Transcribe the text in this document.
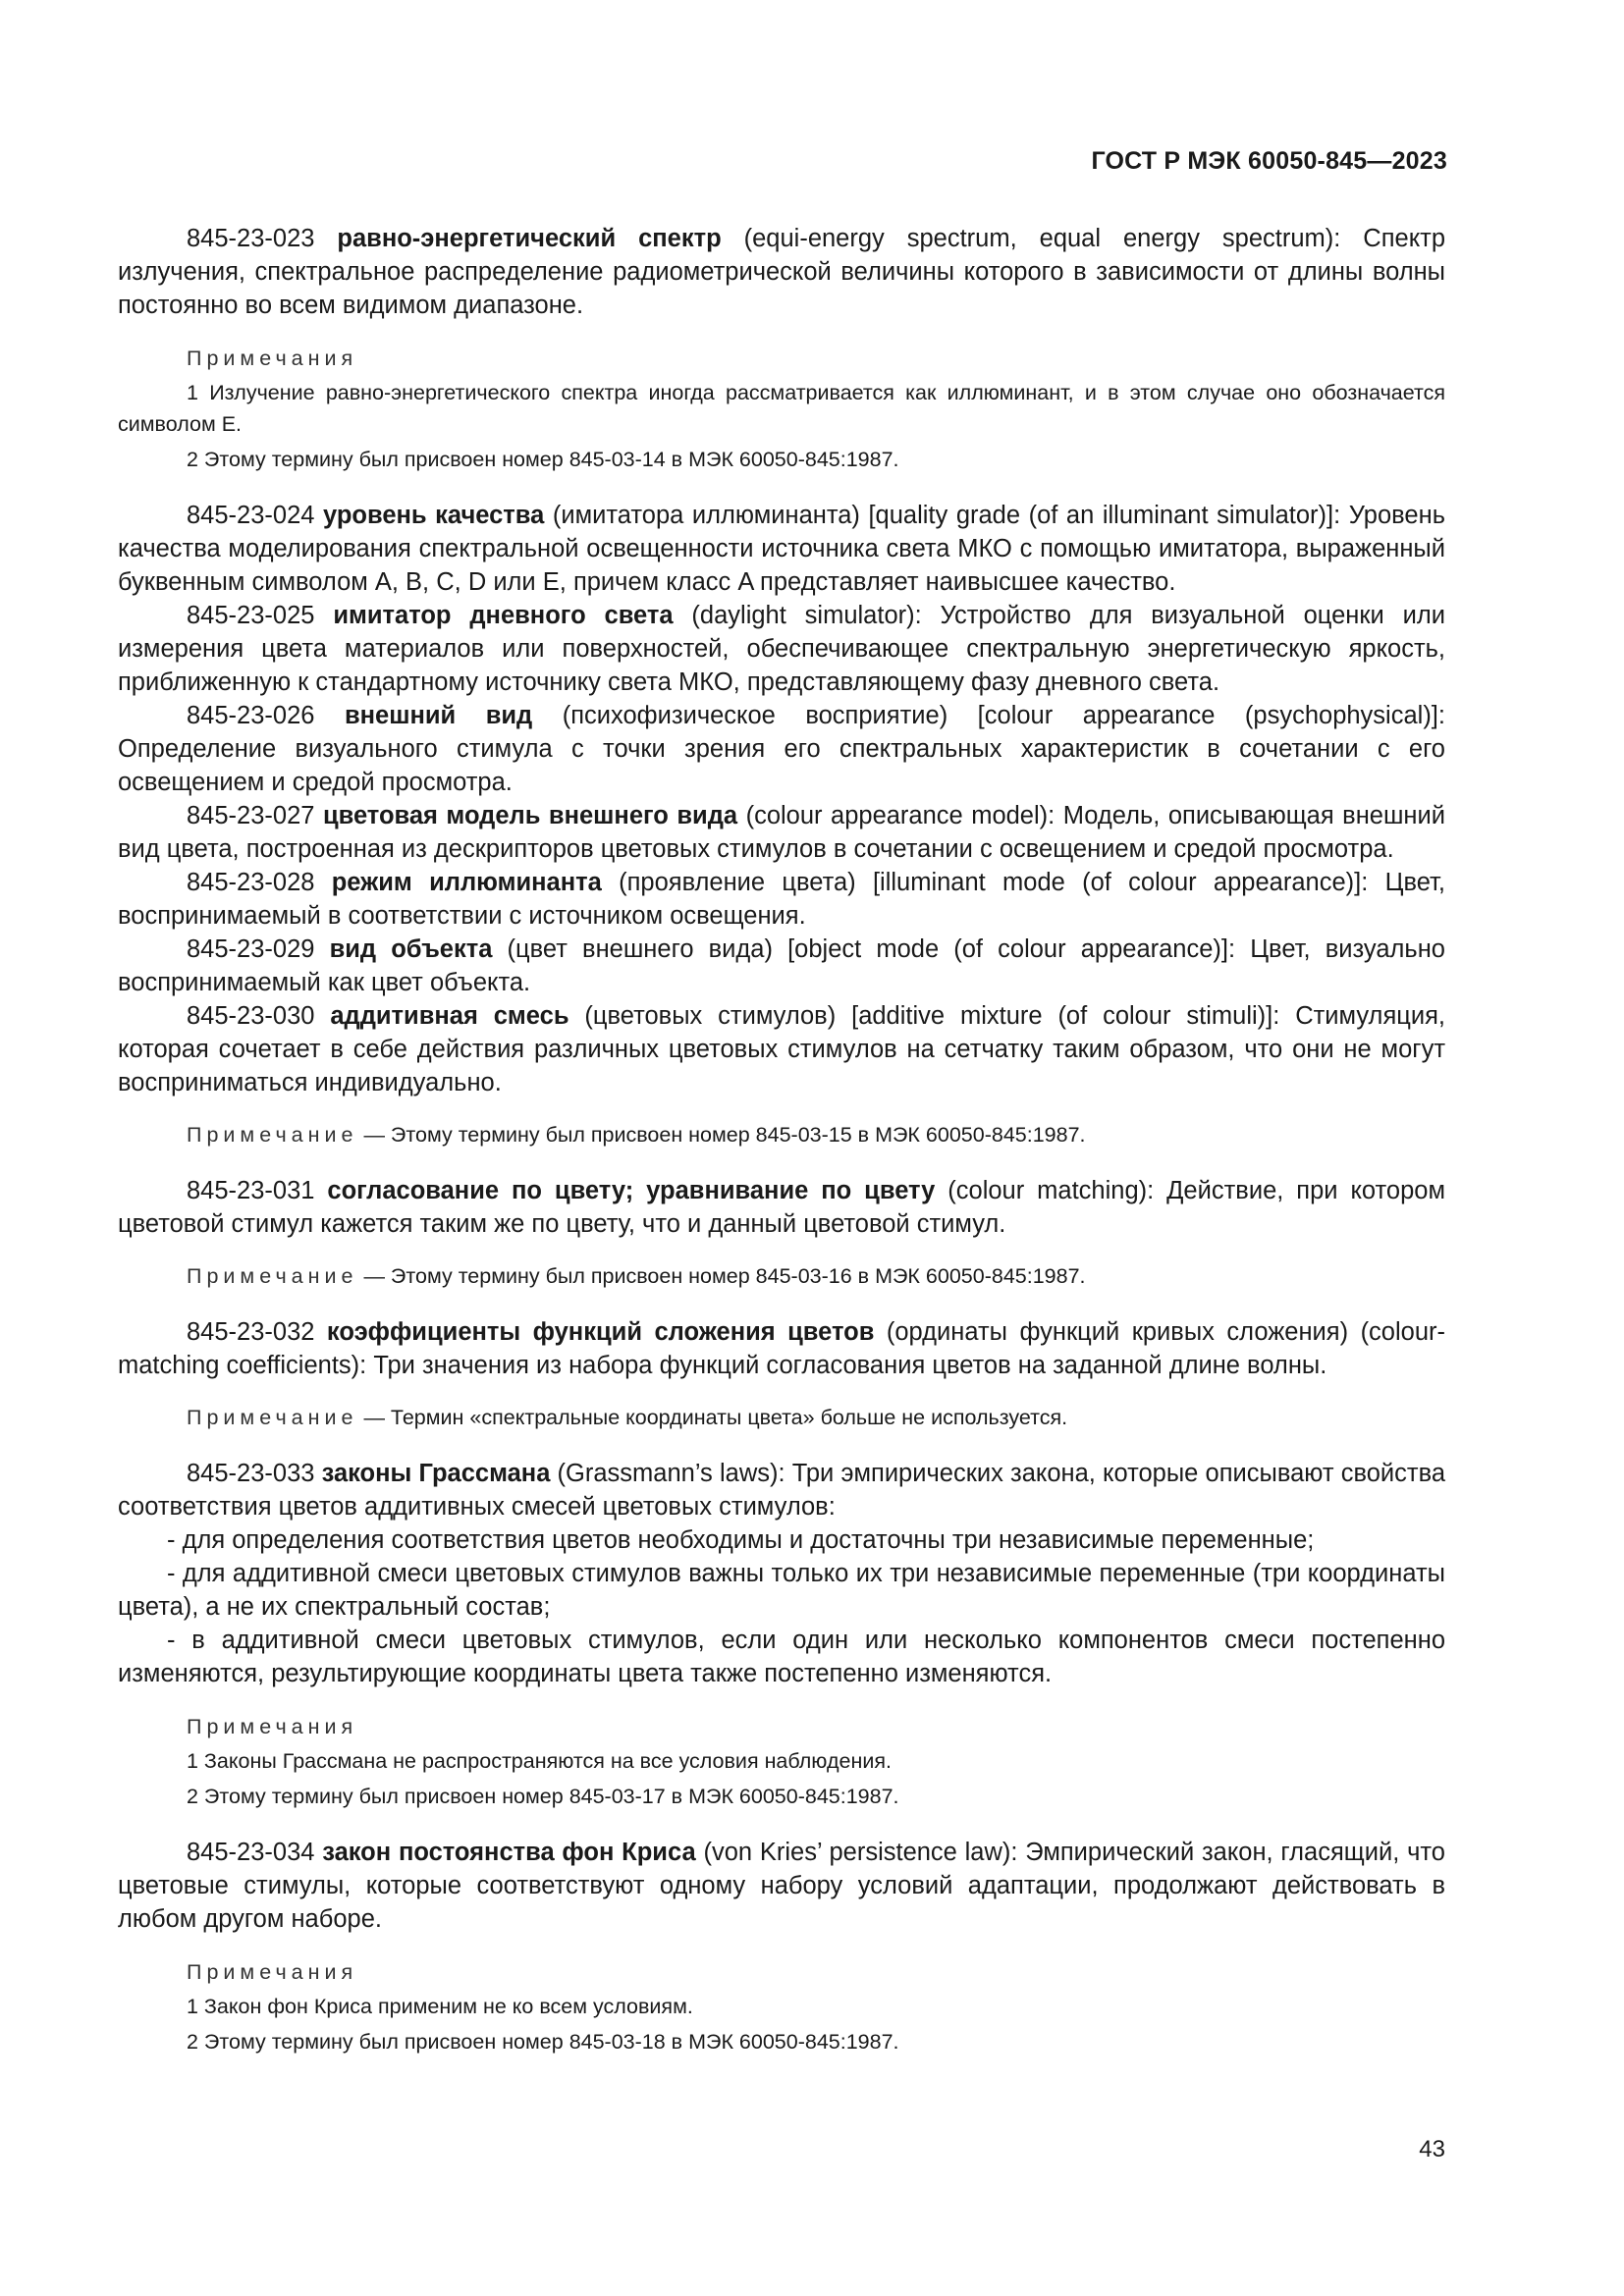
ГОСТ Р МЭК 60050-845—2023

845-23-023 равно-энергетический спектр (equi-energy spectrum, equal energy spectrum): Спектр излучения, спектральное распределение радиометрической величины которого в зависимости от длины волны постоянно во всем видимом диапазоне.

Примечания

1 Излучение равно-энергетического спектра иногда рассматривается как иллюминант, и в этом случае оно обозначается символом E.

2 Этому термину был присвоен номер 845-03-14 в МЭК 60050-845:1987.

845-23-024 уровень качества (имитатора иллюминанта) [quality grade (of an illuminant simulator)]: Уровень качества моделирования спектральной освещенности источника света МКО с помощью имитатора, выраженный буквенным символом A, B, C, D или E, причем класс A представляет наивысшее качество.

845-23-025 имитатор дневного света (daylight simulator): Устройство для визуальной оценки или измерения цвета материалов или поверхностей, обеспечивающее спектральную энергетическую яркость, приближенную к стандартному источнику света МКО, представляющему фазу дневного света.

845-23-026 внешний вид (психофизическое восприятие) [colour appearance (psychophysical)]: Определение визуального стимула с точки зрения его спектральных характеристик в сочетании с его освещением и средой просмотра.

845-23-027 цветовая модель внешнего вида (colour appearance model): Модель, описывающая внешний вид цвета, построенная из дескрипторов цветовых стимулов в сочетании с освещением и средой просмотра.

845-23-028 режим иллюминанта (проявление цвета) [illuminant mode (of colour appearance)]: Цвет, воспринимаемый в соответствии с источником освещения.

845-23-029 вид объекта (цвет внешнего вида) [object mode (of colour appearance)]: Цвет, визуально воспринимаемый как цвет объекта.

845-23-030 аддитивная смесь (цветовых стимулов) [additive mixture (of colour stimuli)]: Стимуляция, которая сочетает в себе действия различных цветовых стимулов на сетчатку таким образом, что они не могут восприниматься индивидуально.

Примечание — Этому термину был присвоен номер 845-03-15 в МЭК 60050-845:1987.

845-23-031 согласование по цвету; уравнивание по цвету (colour matching): Действие, при котором цветовой стимул кажется таким же по цвету, что и данный цветовой стимул.

Примечание — Этому термину был присвоен номер 845-03-16 в МЭК 60050-845:1987.

845-23-032 коэффициенты функций сложения цветов (ординаты функций кривых сложения) (colour-matching coefficients): Три значения из набора функций согласования цветов на заданной длине волны.

Примечание — Термин «спектральные координаты цвета» больше не используется.

845-23-033 законы Грассмана (Grassmann’s laws): Три эмпирических закона, которые описывают свойства соответствия цветов аддитивных смесей цветовых стимулов:

- для определения соответствия цветов необходимы и достаточны три независимые переменные;

- для аддитивной смеси цветовых стимулов важны только их три независимые переменные (три координаты цвета), а не их спектральный состав;

- в аддитивной смеси цветовых стимулов, если один или несколько компонентов смеси постепенно изменяются, результирующие координаты цвета также постепенно изменяются.

Примечания

1 Законы Грассмана не распространяются на все условия наблюдения.

2 Этому термину был присвоен номер 845-03-17 в МЭК 60050-845:1987.

845-23-034 закон постоянства фон Криса (von Kries’ persistence law): Эмпирический закон, гласящий, что цветовые стимулы, которые соответствуют одному набору условий адаптации, продолжают действовать в любом другом наборе.

Примечания

1 Закон фон Криса применим не ко всем условиям.

2 Этому термину был присвоен номер 845-03-18 в МЭК 60050-845:1987.

43
